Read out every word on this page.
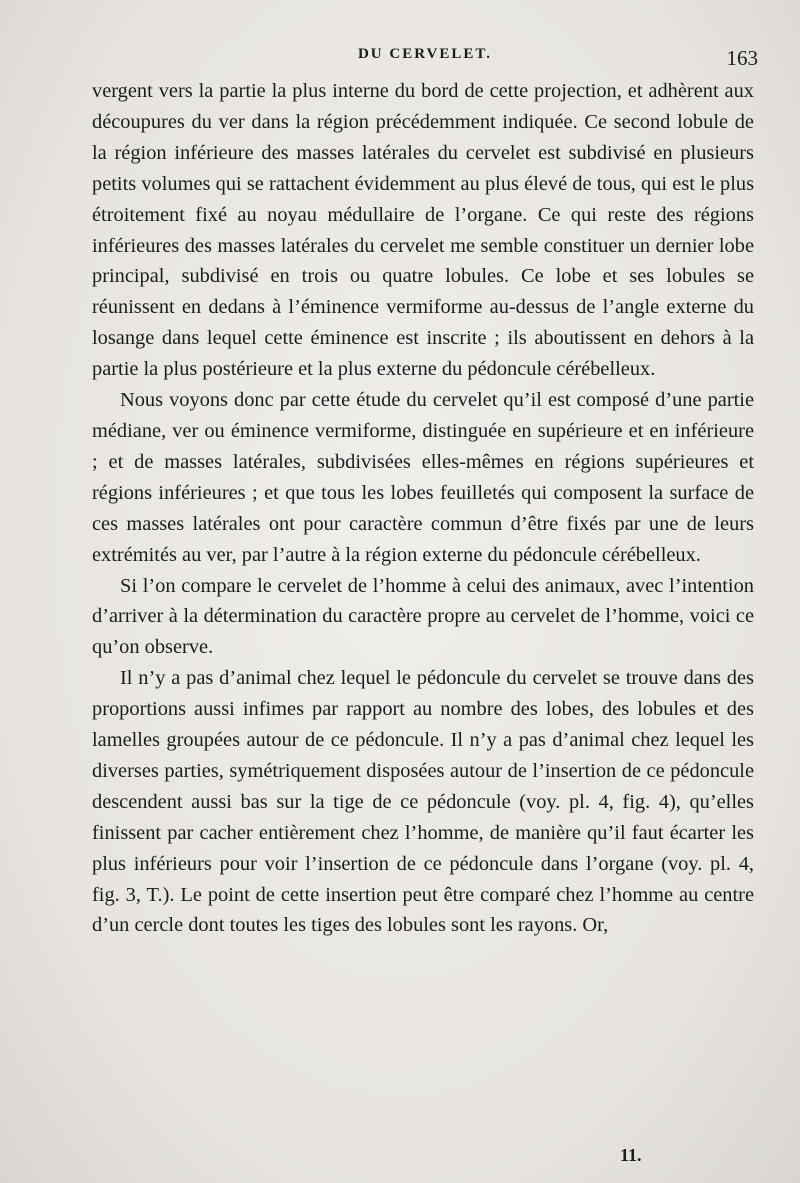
DU CERVELET.	163

vergent vers la partie la plus interne du bord de cette projection, et adhèrent aux découpures du ver dans la région précédemment indiquée. Ce second lobule de la région inférieure des masses latérales du cervelet est subdivisé en plusieurs petits volumes qui se rattachent évidemment au plus élevé de tous, qui est le plus étroitement fixé au noyau médullaire de l’organe. Ce qui reste des régions inférieures des masses latérales du cervelet me semble constituer un dernier lobe principal, subdivisé en trois ou quatre lobules. Ce lobe et ses lobules se réunissent en dedans à l’éminence vermiforme au-dessus de l’angle externe du losange dans lequel cette éminence est inscrite ; ils aboutissent en dehors à la partie la plus postérieure et la plus externe du pédoncule cérébelleux.

Nous voyons donc par cette étude du cervelet qu’il est composé d’une partie médiane, ver ou éminence vermiforme, distinguée en supérieure et en inférieure ; et de masses latérales, subdivisées elles-mêmes en régions supérieures et régions inférieures ; et que tous les lobes feuilletés qui composent la surface de ces masses latérales ont pour caractère commun d’être fixés par une de leurs extrémités au ver, par l’autre à la région externe du pédoncule cérébelleux.

Si l’on compare le cervelet de l’homme à celui des animaux, avec l’intention d’arriver à la détermination du caractère propre au cervelet de l’homme, voici ce qu’on observe.

Il n’y a pas d’animal chez lequel le pédoncule du cervelet se trouve dans des proportions aussi infimes par rapport au nombre des lobes, des lobules et des lamelles groupées autour de ce pédoncule. Il n’y a pas d’animal chez lequel les diverses parties, symétriquement disposées autour de l’insertion de ce pédoncule descendent aussi bas sur la tige de ce pédoncule (voy. pl. 4, fig. 4), qu’elles finissent par cacher entièrement chez l’homme, de manière qu’il faut écarter les plus inférieurs pour voir l’insertion de ce pédoncule dans l’organe (voy. pl. 4, fig. 3, T.). Le point de cette insertion peut être comparé chez l’homme au centre d’un cercle dont toutes les tiges des lobules sont les rayons. Or,

11.
